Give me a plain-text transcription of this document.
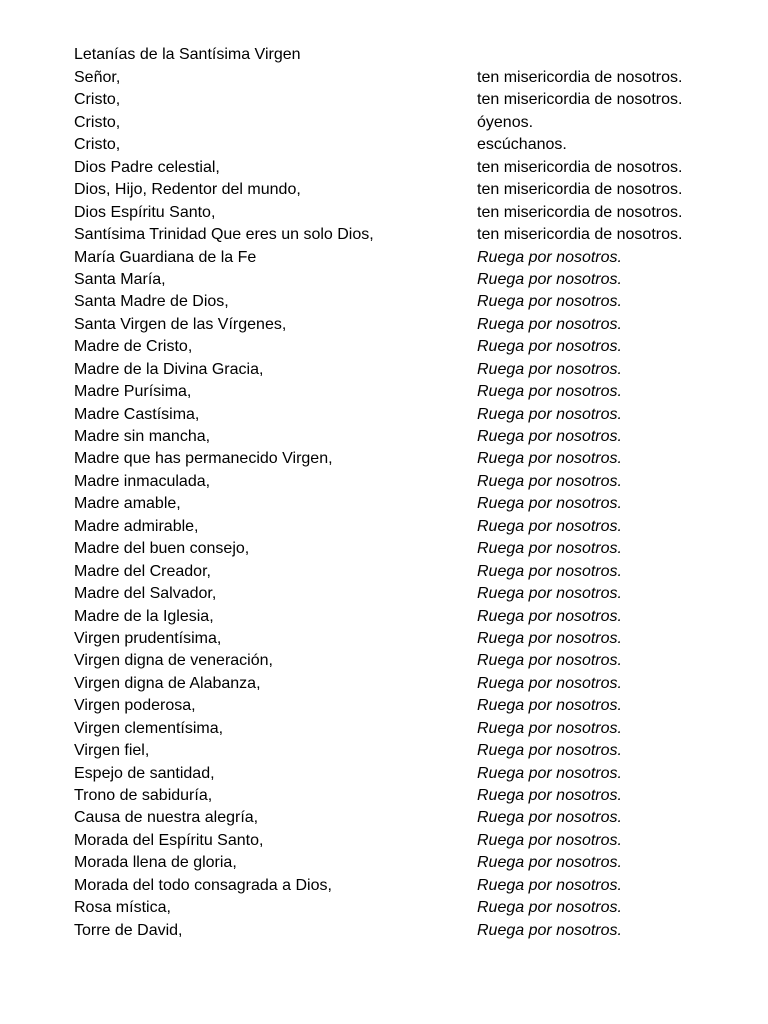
Letanías de la Santísima Virgen
Señor,	ten misericordia de nosotros.
Cristo,	ten misericordia de nosotros.
Cristo,	óyenos.
Cristo,	escúchanos.
Dios Padre celestial,	ten misericordia de nosotros.
Dios, Hijo, Redentor del mundo,	ten misericordia de nosotros.
Dios Espíritu Santo,	ten misericordia de nosotros.
Santísima Trinidad Que eres un solo Dios,	ten misericordia de nosotros.
María Guardiana de la Fe	Ruega por nosotros.
Santa María,	Ruega por nosotros.
Santa Madre de Dios,	Ruega por nosotros.
Santa Virgen de las Vírgenes,	Ruega por nosotros.
Madre de Cristo,	Ruega por nosotros.
Madre de la Divina Gracia,	Ruega por nosotros.
Madre Purísima,	Ruega por nosotros.
Madre Castísima,	Ruega por nosotros.
Madre sin mancha,	Ruega por nosotros.
Madre que has permanecido Virgen,	Ruega por nosotros.
Madre inmaculada,	Ruega por nosotros.
Madre amable,	Ruega por nosotros.
Madre admirable,	Ruega por nosotros.
Madre del buen consejo,	Ruega por nosotros.
Madre del Creador,	Ruega por nosotros.
Madre del Salvador,	Ruega por nosotros.
Madre de la Iglesia,	Ruega por nosotros.
Virgen prudentísima,	Ruega por nosotros.
Virgen digna de veneración,	Ruega por nosotros.
Virgen digna de Alabanza,	Ruega por nosotros.
Virgen poderosa,	Ruega por nosotros.
Virgen clementísima,	Ruega por nosotros.
Virgen fiel,	Ruega por nosotros.
Espejo de santidad,	Ruega por nosotros.
Trono de sabiduría,	Ruega por nosotros.
Causa de nuestra alegría,	Ruega por nosotros.
Morada del Espíritu Santo,	Ruega por nosotros.
Morada llena de gloria,	Ruega por nosotros.
Morada del todo consagrada a Dios,	Ruega por nosotros.
Rosa mística,	Ruega por nosotros.
Torre de David,	Ruega por nosotros.
